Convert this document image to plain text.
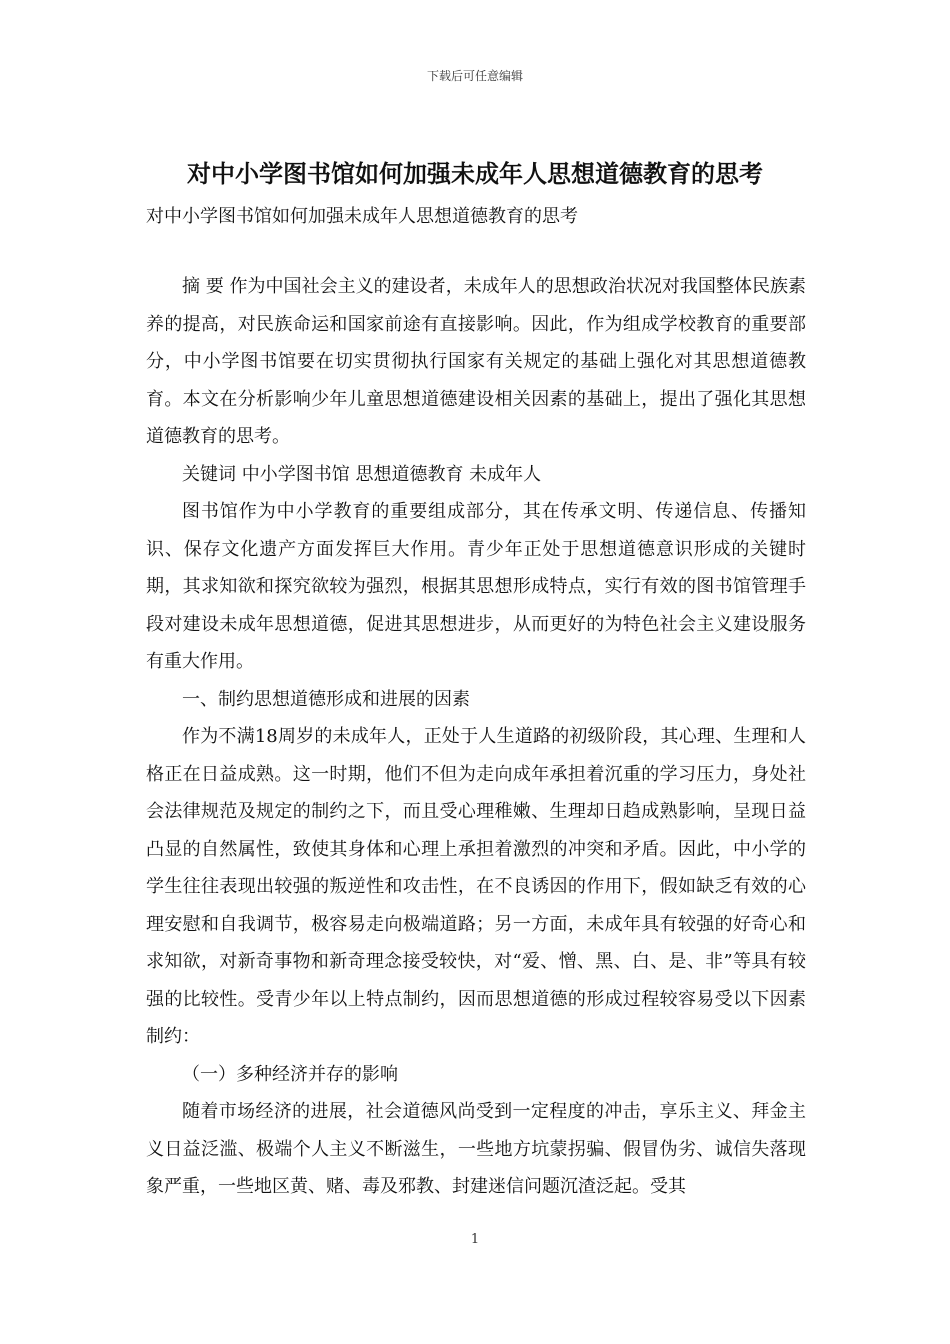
下载后可任意编辑
对中小学图书馆如何加强未成年人思想道德教育的思考

对中小学图书馆如何加强未成年人思想道德教育的思考

摘 要 作为中国社会主义的建设者，未成年人的思想政治状况对我国整体民族素养的提高，对民族命运和国家前途有直接影响。因此，作为组成学校教育的重要部分，中小学图书馆要在切实贯彻执行国家有关规定的基础上强化对其思想道德教育。本文在分析影响少年儿童思想道德建设相关因素的基础上，提出了强化其思想道德教育的思考。

关键词 中小学图书馆 思想道德教育 未成年人

图书馆作为中小学教育的重要组成部分，其在传承文明、传递信息、传播知识、保存文化遗产方面发挥巨大作用。青少年正处于思想道德意识形成的关键时期，其求知欲和探究欲较为强烈，根据其思想形成特点，实行有效的图书馆管理手段对建设未成年思想道德，促进其思想进步，从而更好的为特色社会主义建设服务有重大作用。

一、制约思想道德形成和进展的因素

作为不满18周岁的未成年人，正处于人生道路的初级阶段，其心理、生理和人格正在日益成熟。这一时期，他们不但为走向成年承担着沉重的学习压力，身处社会法律规范及规定的制约之下，而且受心理稚嫩、生理却日趋成熟影响，呈现日益凸显的自然属性，致使其身体和心理上承担着激烈的冲突和矛盾。因此，中小学的学生往往表现出较强的叛逆性和攻击性，在不良诱因的作用下，假如缺乏有效的心理安慰和自我调节，极容易走向极端道路；另一方面，未成年具有较强的好奇心和求知欲，对新奇事物和新奇理念接受较快，对“爱、憎、黑、白、是、非”等具有较强的比较性。受青少年以上特点制约，因而思想道德的形成过程较容易受以下因素制约：

（一）多种经济并存的影响

随着市场经济的进展，社会道德风尚受到一定程度的冲击，享乐主义、拜金主义日益泛滥、极端个人主义不断滋生，一些地方坑蒙拐骗、假冒伪劣、诚信失落现象严重，一些地区黄、赌、毒及邪教、封建迷信问题沉渣泛起。受其

1
